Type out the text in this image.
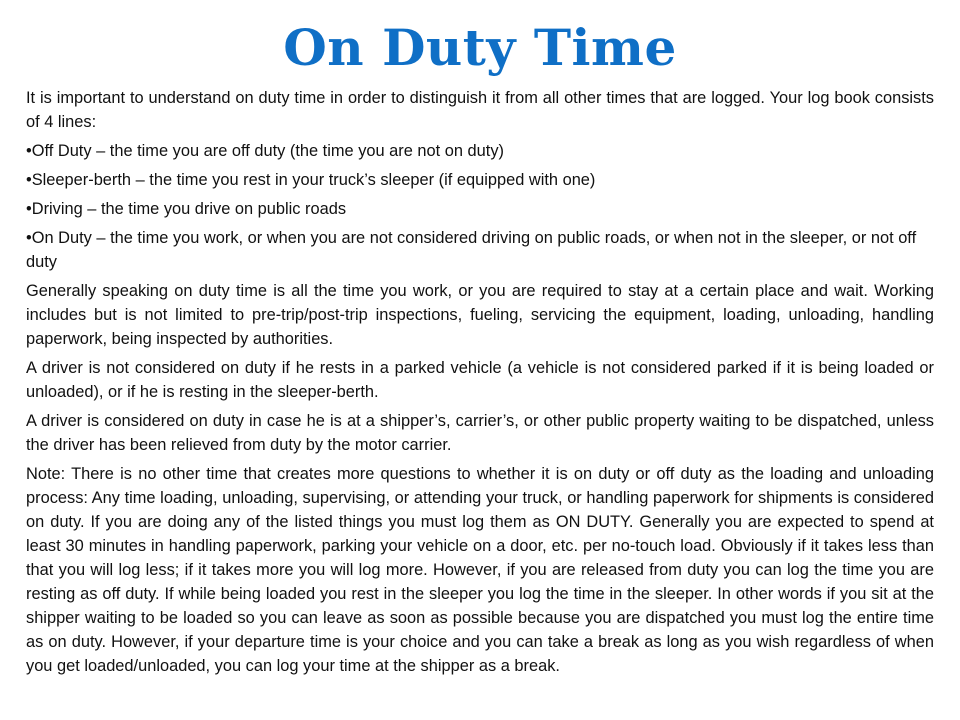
On Duty Time

It is important to understand on duty time in order to distinguish it from all other times that are logged. Your log book consists of 4 lines:

•Off Duty – the time you are off duty (the time you are not on duty)

•Sleeper-berth – the time you rest in your truck’s sleeper (if equipped with one)

•Driving – the time you drive on public roads

•On Duty – the time you work, or when you are not considered driving on public roads, or when not in the sleeper, or not off duty

Generally speaking on duty time is all the time you work, or you are required to stay at a certain place and wait. Working includes but is not limited to pre-trip/post-trip inspections, fueling, servicing the equipment, loading, unloading, handling paperwork, being inspected by authorities.

A driver is not considered on duty if he rests in a parked vehicle (a vehicle is not considered parked if it is being loaded or unloaded), or if he is resting in the sleeper-berth.

A driver is considered on duty in case he is at a shipper’s, carrier’s, or other public property waiting to be dispatched, unless the driver has been relieved from duty by the motor carrier.

Note: There is no other time that creates more questions to whether it is on duty or off duty as the loading and unloading process: Any time loading, unloading, supervising, or attending your truck, or handling paperwork for shipments is considered on duty. If you are doing any of the listed things you must log them as ON DUTY. Generally you are expected to spend at least 30 minutes in handling paperwork, parking your vehicle on a door, etc. per no-touch load. Obviously if it takes less than that you will log less; if it takes more you will log more. However, if you are released from duty you can log the time you are resting as off duty. If while being loaded you rest in the sleeper you log the time in the sleeper. In other words if you sit at the shipper waiting to be loaded so you can leave as soon as possible because you are dispatched you must log the entire time as on duty. However, if your departure time is your choice and you can take a break as long as you wish regardless of when you get loaded/unloaded, you can log your time at the shipper as a break.
